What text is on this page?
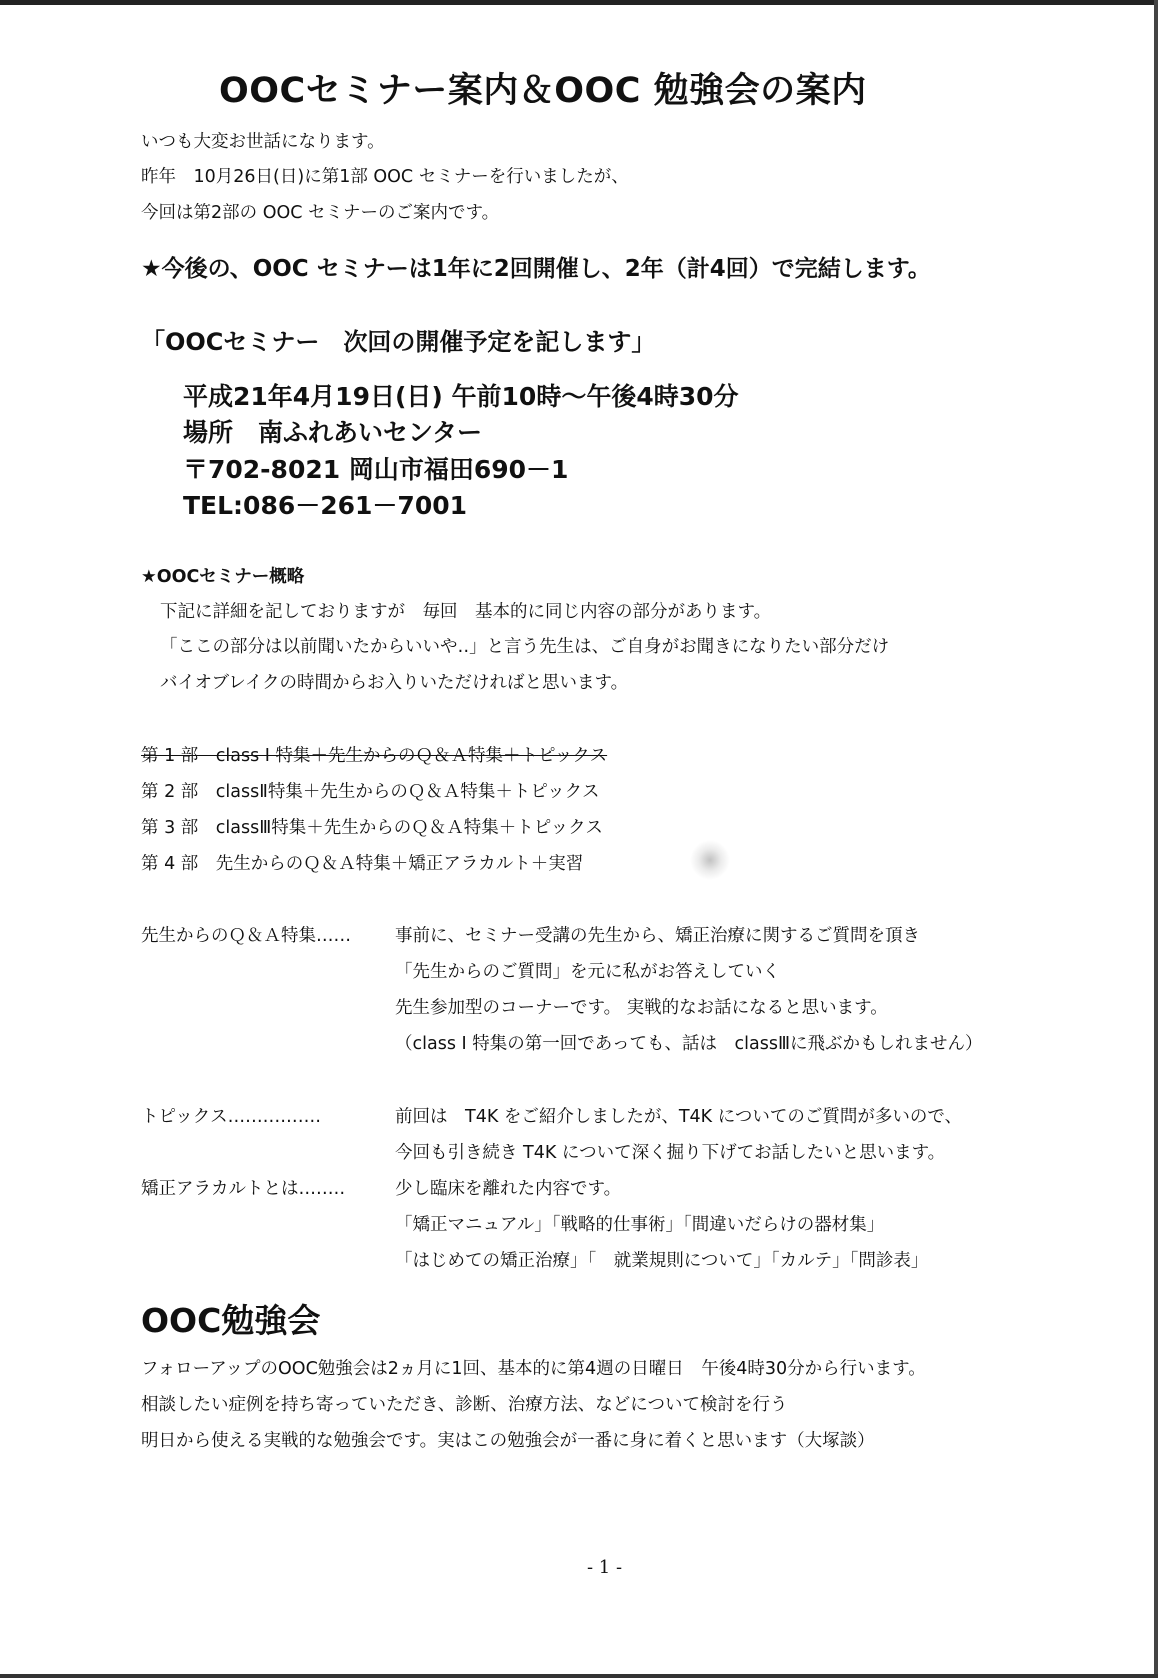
OOCセミナー案内＆OOC 勉強会の案内
いつも大変お世話になります。
昨年　10月26日(日)に第1部 OOC セミナーを行いましたが、
今回は第2部の OOC セミナーのご案内です。
★今後の、OOC セミナーは1年に2回開催し、2年（計4回）で完結します。
「OOCセミナー　次回の開催予定を記します」
平成21年4月19日(日) 午前10時～午後4時30分
場所　南ふれあいセンター
〒702-8021 岡山市福田690－1
TEL:086－261－7001
★OOCセミナー概略
下記に詳細を記しておりますが　毎回　基本的に同じ内容の部分があります。
「ここの部分は以前聞いたからいいや‥」と言う先生は、ご自身がお聞きになりたい部分だけ
バイオブレイクの時間からお入りいただければと思います。
第 1 部　class Ⅰ 特集＋先生からのＱ＆Ａ特集＋トピックス
第 2 部　classⅡ特集＋先生からのＱ＆Ａ特集＋トピックス
第 3 部　classⅢ特集＋先生からのＱ＆Ａ特集＋トピックス
第 4 部　先生からのＱ＆Ａ特集＋矯正アラカルト＋実習
先生からのＱ＆Ａ特集‥‥‥	事前に、セミナー受講の先生から、矯正治療に関するご質問を頂き
「先生からのご質問」を元に私がお答えしていく
先生参加型のコーナーです。 実戦的なお話になると思います。
（class Ⅰ 特集の第一回であっても、話は　classⅢに飛ぶかもしれません）
トピックス‥‥‥‥‥‥‥‥	前回は　T4K をご紹介しましたが、T4K についてのご質問が多いので、
今回も引き続き T4K について深く掘り下げてお話したいと思います。
矯正アラカルトとは‥‥‥‥	少し臨床を離れた内容です。
「矯正マニュアル」「戦略的仕事術」「間違いだらけの器材集」
「はじめての矯正治療」「　就業規則について」「カルテ」「問診表」
OOC勉強会
フォローアップのOOC勉強会は2ヵ月に1回、基本的に第4週の日曜日　午後4時30分から行います。
相談したい症例を持ち寄っていただき、診断、治療方法、などについて検討を行う
明日から使える実戦的な勉強会です。実はこの勉強会が一番に身に着くと思います（大塚談）
- 1 -
